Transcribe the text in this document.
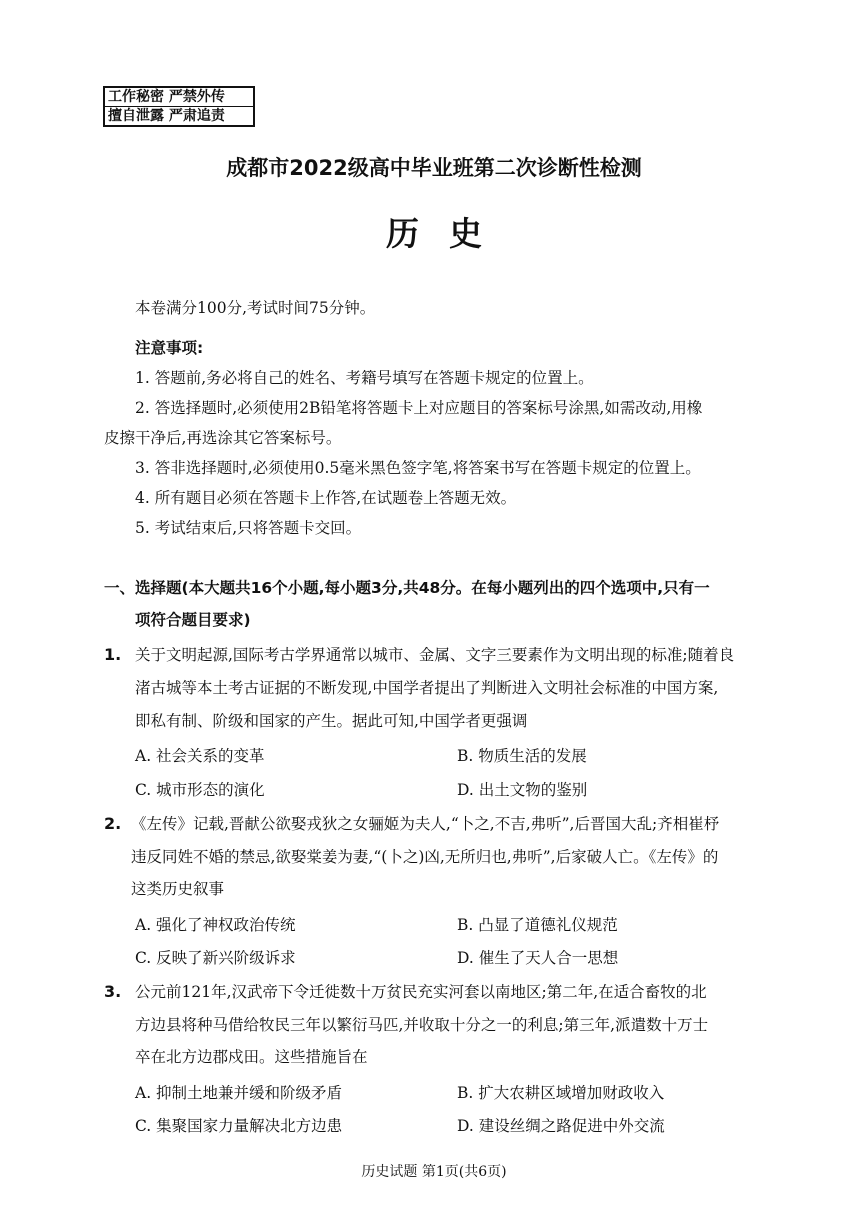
工作秘密 严禁外传
擅自泄露 严肃追责
成都市2022级高中毕业班第二次诊断性检测
历史
本卷满分100分,考试时间75分钟。
注意事项:
1. 答题前,务必将自己的姓名、考籍号填写在答题卡规定的位置上。
2. 答选择题时,必须使用2B铅笔将答题卡上对应题目的答案标号涂黑,如需改动,用橡
皮擦干净后,再选涂其它答案标号。
3. 答非选择题时,必须使用0.5毫米黑色签字笔,将答案书写在答题卡规定的位置上。
4. 所有题目必须在答题卡上作答,在试题卷上答题无效。
5. 考试结束后,只将答题卡交回。
一、选择题(本大题共16个小题,每小题3分,共48分。在每小题列出的四个选项中,只有一
项符合题目要求)
1. 关于文明起源,国际考古学界通常以城市、金属、文字三要素作为文明出现的标准;随着良
渚古城等本土考古证据的不断发现,中国学者提出了判断进入文明社会标准的中国方案,
即私有制、阶级和国家的产生。据此可知,中国学者更强调
A. 社会关系的变革	B. 物质生活的发展
C. 城市形态的演化	D. 出土文物的鉴别
2. 《左传》记载,晋献公欲娶戎狄之女骊姬为夫人,“卜之,不吉,弗听”,后晋国大乱;齐相崔杼
违反同姓不婚的禁忌,欲娶棠姜为妻,“(卜之)凶,无所归也,弗听”,后家破人亡。《左传》的
这类历史叙事
A. 强化了神权政治传统	B. 凸显了道德礼仪规范
C. 反映了新兴阶级诉求	D. 催生了天人合一思想
3. 公元前121年,汉武帝下令迁徙数十万贫民充实河套以南地区;第二年,在适合畜牧的北
方边县将种马借给牧民三年以繁衍马匹,并收取十分之一的利息;第三年,派遣数十万士
卒在北方边郡戍田。这些措施旨在
A. 抑制土地兼并缓和阶级矛盾	B. 扩大农耕区域增加财政收入
C. 集聚国家力量解决北方边患	D. 建设丝绸之路促进中外交流
历史试题 第1页(共6页)
